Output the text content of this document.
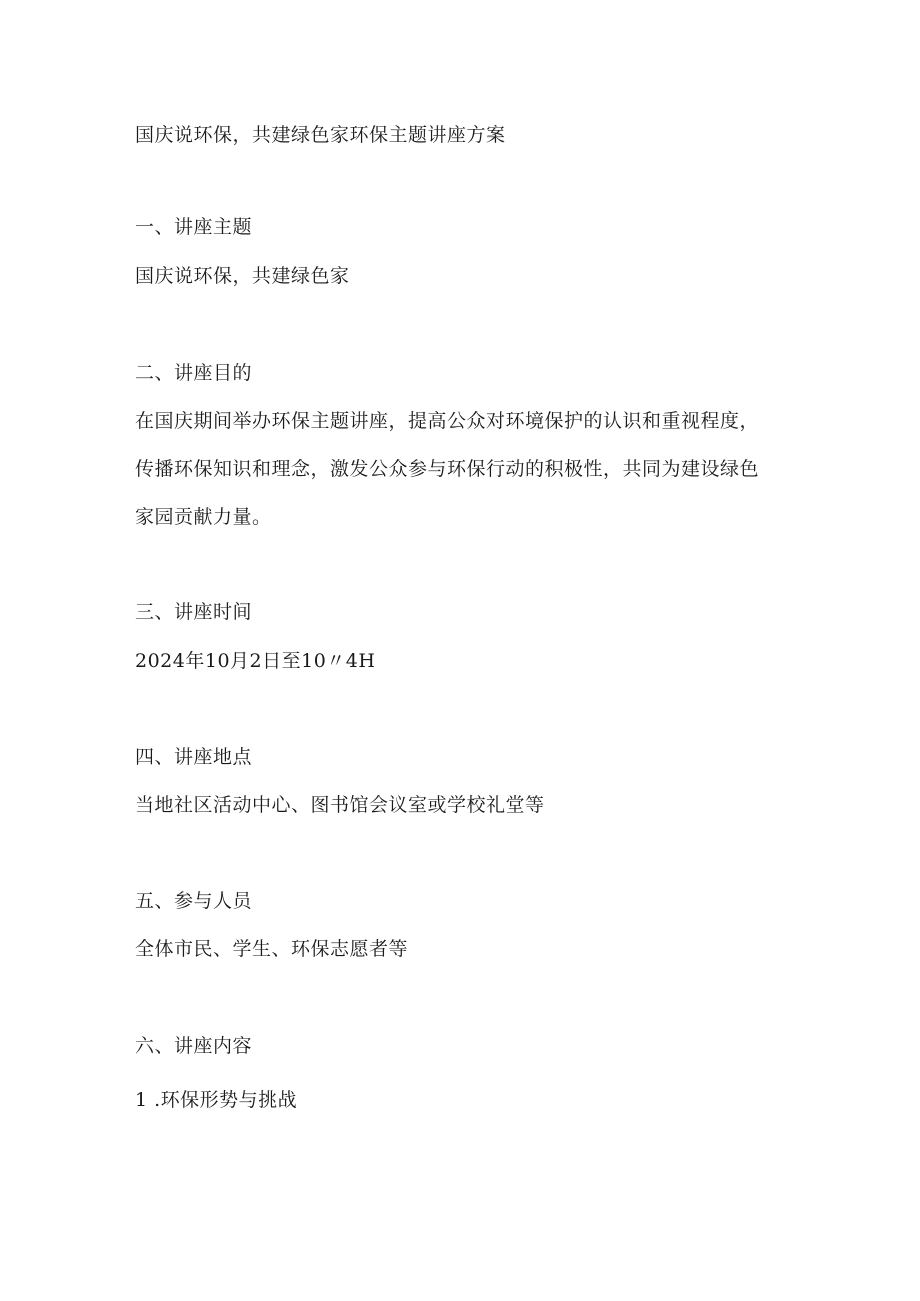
国庆说环保，共建绿色家环保主题讲座方案
一、讲座主题
国庆说环保，共建绿色家
二、讲座目的
在国庆期间举办环保主题讲座，提高公众对环境保护的认识和重视程度，
传播环保知识和理念，激发公众参与环保行动的积极性，共同为建设绿色
家园贡献力量。
三、讲座时间
2024年10月2日至10〃4H
四、讲座地点
当地社区活动中心、图书馆会议室或学校礼堂等
五、参与人员
全体市民、学生、环保志愿者等
六、讲座内容
1 .环保形势与挑战
